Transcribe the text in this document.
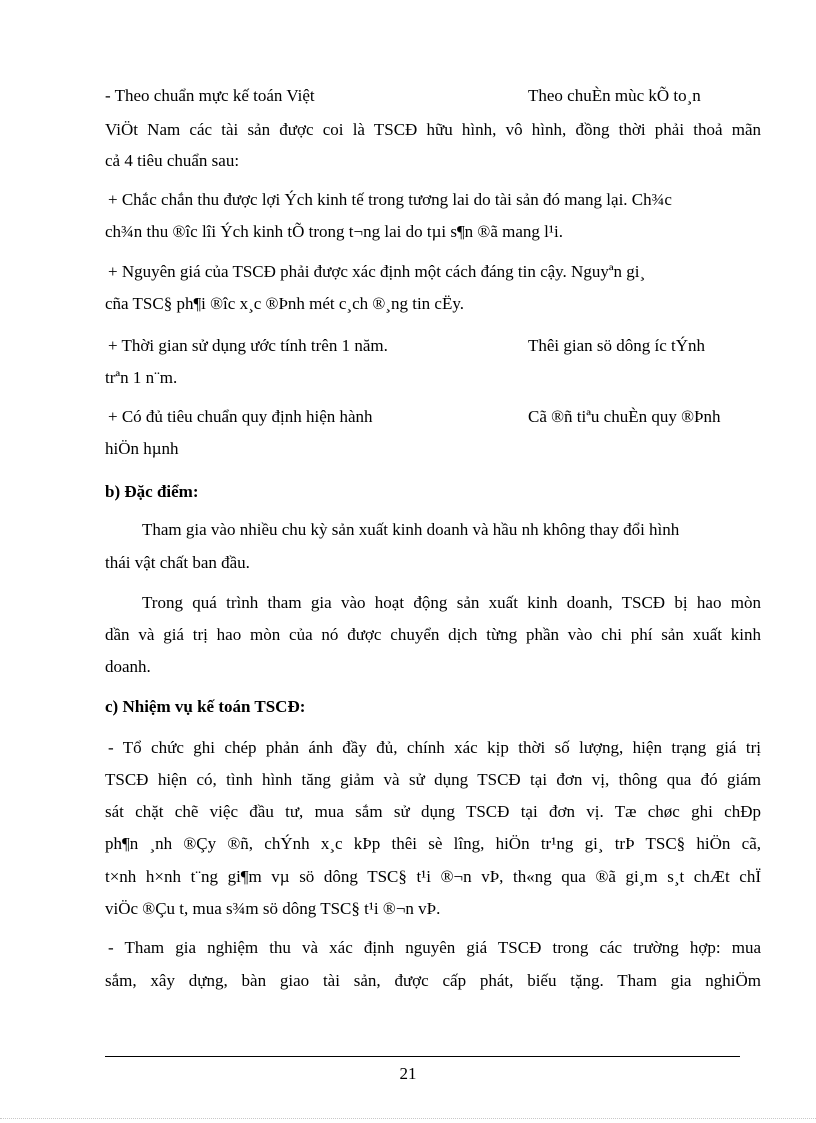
- Theo chuẩn mực kế toán Việt	Theo chuÈn mùc kÕ to¸n
ViÖt Nam các tài sản được coi là TSCĐ hữu hình, vô hình, đồng thời phải thoả mãn
cả 4 tiêu chuẩn sau:
+ Chắc chắn thu được lợi Ých kinh tế trong tương lai do tài sản đó mang lại. Ch¾c
ch¾n thu ®îc lîi Ých kinh tÕ trong t¬ng lai do tµi s¶n ®ã mang l¹i.
+ Nguyên giá của TSCĐ phải được xác định một cách đáng tin cậy. Nguyªn gi¸
cña TSC§ ph¶i ®îc x¸c ®Þnh mét c¸ch ®¸ng tin cËy.
+ Thời gian sử dụng ước tính trên 1 năm.	Thêi gian sö dông íc tÝnh
trªn 1 n¨m.
+ Có đủ tiêu chuẩn quy định hiện hành	Cã ®ñ tiªu chuÈn quy ®Þnh
hiÖn hµnh
b) Đặc điểm:
Tham gia vào nhiều chu kỳ sản xuất kinh doanh và hầu nh không thay đổi hình
thái vật chất ban đầu.
Trong quá trình tham gia vào hoạt động sản xuất kinh doanh, TSCĐ bị hao mòn
dần và giá trị hao mòn của nó được chuyển dịch từng phần vào chi phí sản xuất kinh
doanh.
c) Nhiệm vụ kế toán TSCĐ:
- Tổ chức ghi chép phản ánh đầy đủ, chính xác kịp thời số lượng, hiện trạng giá trị
TSCĐ hiện có, tình hình tăng giảm và sử dụng TSCĐ tại đơn vị, thông qua đó giám
sát chặt chẽ việc đầu tư, mua sắm sử dụng TSCĐ tại đơn vị. Tæ chøc ghi chÐp
ph¶n ¸nh ®Çy ®ñ, chÝnh x¸c kÞp thêi sè lîng, hiÖn tr¹ng gi¸ trÞ TSC§ hiÖn cã,
t×nh h×nh t¨ng gi¶m vµ sö dông TSC§ t¹i ®¬n vÞ, th«ng qua ®ã gi¸m s¸t chÆt chÏ
viÖc ®Çu t, mua s¾m sö dông TSC§ t¹i ®¬n vÞ.
- Tham gia nghiệm thu và xác định nguyên giá TSCĐ trong các trường hợp: mua
sắm, xây dựng, bàn giao tài sản, được cấp phát, biếu tặng. Tham gia nghiÖm
21
